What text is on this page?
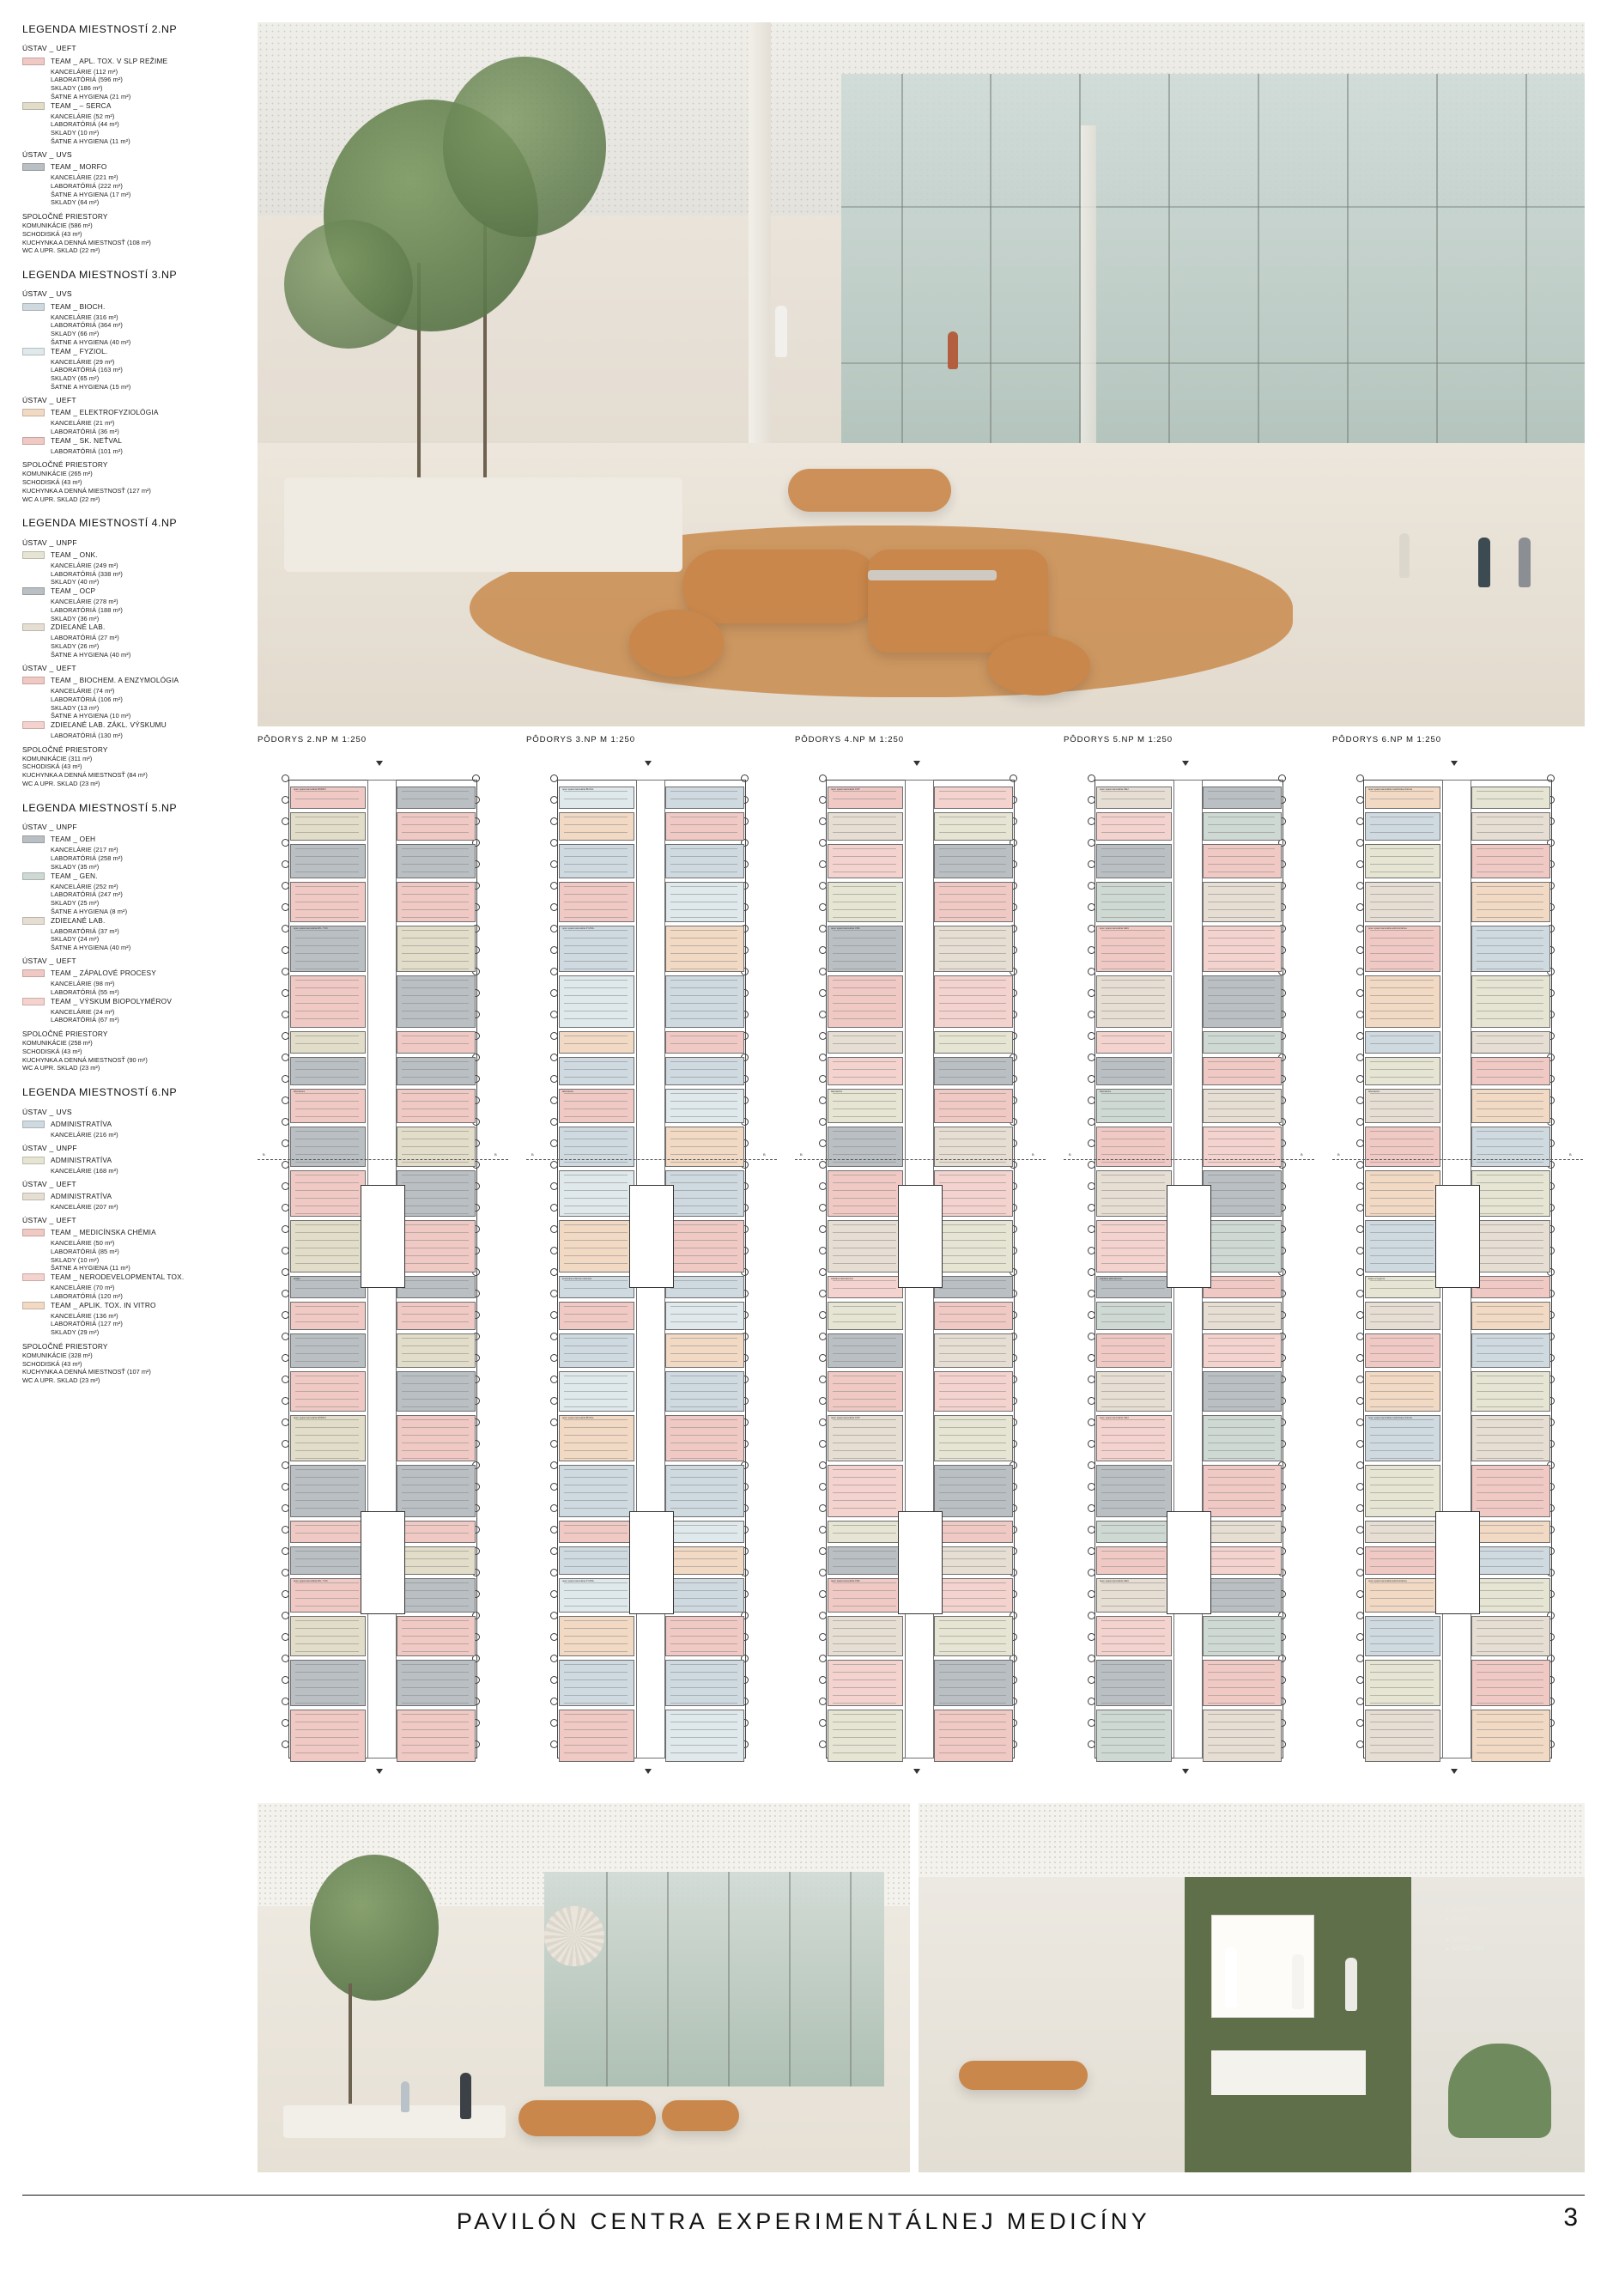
LEGENDA MIESTNOSTÍ 2.NP
ÚSTAV _ UEFT
TEAM _ APL. TOX. V SLP REŽIME
KANCELÁRIE (112 m²)
LABORATÓRIÁ (596 m²)
SKLADY (186 m²)
ŠATNE A HYGIENA (21 m²)
TEAM _ – SERCA
KANCELÁRIE (52 m²)
LABORATÓRIÁ (44 m²)
SKLADY (10 m²)
ŠATNE A HYGIENA (11 m²)
ÚSTAV _ UVS
TEAM _ MORFO
KANCELÁRIE (221 m²)
LABORATÓRIÁ (222 m²)
ŠATNE A HYGIENA (17 m²)
SKLADY (64 m²)
SPOLOČNÉ PRIESTORY
KOMUNIKÁCIE (586 m²)
SCHODISKÁ (43 m²)
KUCHYNKA A DENNÁ MIESTNOSŤ (108 m²)
WC A UPR. SKLAD (22 m²)
LEGENDA MIESTNOSTÍ 3.NP
ÚSTAV _ UVS
TEAM _ BIOCH.
KANCELÁRIE (316 m²)
LABORATÓRIÁ (364 m²)
SKLADY (66 m²)
ŠATNE A HYGIENA (40 m²)
TEAM _ FYZIOL.
KANCELÁRIE (29 m²)
LABORATÓRIÁ (163 m²)
SKLADY (65 m²)
ŠATNE A HYGIENA (15 m²)
ÚSTAV _ UEFT
TEAM _ ELEKTROFYZIOLÓGIA
KANCELÁRIE (21 m²)
LABORATÓRIÁ (36 m²)
TEAM _ SK. NEŤVAL
LABORATÓRIÁ (101 m²)
SPOLOČNÉ PRIESTORY
KOMUNIKÁCIE (265 m²)
SCHODISKÁ (43 m²)
KUCHYNKA A DENNÁ MIESTNOSŤ (127 m²)
WC A UPR. SKLAD (22 m²)
LEGENDA MIESTNOSTÍ 4.NP
ÚSTAV _ UNPF
TEAM _ ONK.
KANCELÁRIE (249 m²)
LABORATÓRIÁ (338 m²)
SKLADY (40 m²)
TEAM _ OCP
KANCELÁRIE (278 m²)
LABORATÓRIÁ (188 m²)
SKLADY (36 m²)
ZDIEĽANÉ LAB.
LABORATÓRIÁ (27 m²)
SKLADY (26 m²)
ŠATNE A HYGIENA (40 m²)
ÚSTAV _ UEFT
TEAM _ BIOCHEM. A ENZYMOLÓGIA
KANCELÁRIE (74 m²)
LABORATÓRIÁ (106 m²)
SKLADY (13 m²)
ŠATNE A HYGIENA (10 m²)
ZDIEĽANÉ LAB. ZÁKL. VÝSKUMU
LABORATÓRIÁ (130 m²)
SPOLOČNÉ PRIESTORY
KOMUNIKÁCIE (311 m²)
SCHODISKÁ (43 m²)
KUCHYNKA A DENNÁ MIESTNOSŤ (84 m²)
WC A UPR. SKLAD (23 m²)
LEGENDA MIESTNOSTÍ 5.NP
ÚSTAV _ UNPF
TEAM _ OEH
KANCELÁRIE (217 m²)
LABORATÓRIÁ (258 m²)
SKLADY (35 m²)
TEAM _ GEN.
KANCELÁRIE (252 m²)
LABORATÓRIÁ (247 m²)
SKLADY (25 m²)
ŠATNE A HYGIENA (8 m²)
ZDIEĽANÉ LAB.
LABORATÓRIÁ (37 m²)
SKLADY (24 m²)
ŠATNE A HYGIENA (40 m²)
ÚSTAV _ UEFT
TEAM _ ZÁPALOVÉ PROCESY
KANCELÁRIE (98 m²)
LABORATÓRIÁ (55 m²)
TEAM _ VÝSKUM BIOPOLYMÉROV
KANCELÁRIE (24 m²)
LABORATÓRIÁ (67 m²)
SPOLOČNÉ PRIESTORY
KOMUNIKÁCIE (258 m²)
SCHODISKÁ (43 m²)
KUCHYNKA A DENNÁ MIESTNOSŤ (90 m²)
WC A UPR. SKLAD (23 m²)
LEGENDA MIESTNOSTÍ 6.NP
ÚSTAV _ UVS
ADMINISTRATÍVA
KANCELÁRIE (216 m²)
ÚSTAV _ UNPF
ADMINISTRATÍVA
KANCELÁRIE (168 m²)
ÚSTAV _ UEFT
ADMINISTRATÍVA
KANCELÁRIE (207 m²)
ÚSTAV _ UEFT
TEAM _ MEDICÍNSKA CHÉMIA
KANCELÁRIE (50 m²)
LABORATÓRIÁ (85 m²)
SKLADY (10 m²)
ŠATNE A HYGIENA (11 m²)
TEAM _ NERODEVELOPMENTAL TOX.
KANCELÁRIE (70 m²)
LABORATÓRIÁ (120 m²)
TEAM _ APLIK. TOX. IN VITRO
KANCELÁRIE (136 m²)
LABORATÓRIÁ (127 m²)
SKLADY (29 m²)
SPOLOČNÉ PRIESTORY
KOMUNIKÁCIE (328 m²)
SCHODISKÁ (43 m²)
KUCHYNKA A DENNÁ MIESTNOSŤ (107 m²)
WC A UPR. SKLAD (23 m²)
PÔDORYS 2.NP M 1:250	PÔDORYS 3.NP M 1:250	PÔDORYS 4.NP M 1:250	PÔDORYS 5.NP M 1:250	PÔDORYS 6.NP M 1:250
open space kancelária MORFO
open space kancelária APL. TOX.
laboratóriá
sklady
open space kancelária MORFO
open space kancelária APL. TOX.
B	B
open space kancelária BIOCH.
open space kancelária FYZIOL.
laboratóriá
kuchynka a denná miestnosť
open space kancelária BIOCH.
open space kancelária FYZIOL.
B	B
open space kancelária OCP
open space kancelária ONK.
laboratóriá
zdieľané laboratórium
open space kancelária OCP
open space kancelária ONK.
B	B
open space kancelária OEH
open space kancelária GEN.
laboratóriá
zdieľané laboratórium
open space kancelária OEH
open space kancelária GEN.
B	B
open space kancelária medicínska chémia
open space kancelária administratíva
laboratóriá
šatne a hygiena
open space kancelária medicínska chémia
open space kancelária administratíva
B	B
▲ LABORATÓRIÁ
▲ SKLADY
▲ ŠATNE
▲ KANCELÁRIE
PAVILÓN CENTRA EXPERIMENTÁLNEJ MEDICÍNY	3
